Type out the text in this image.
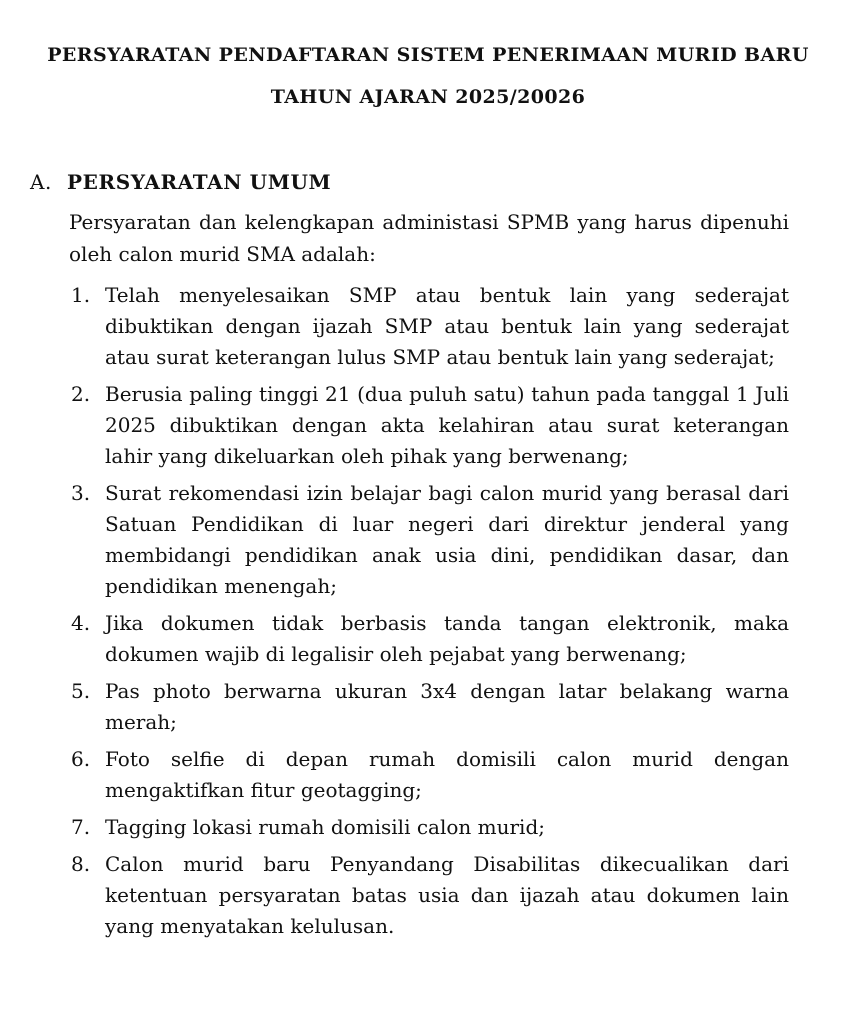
PERSYARATAN PENDAFTARAN SISTEM PENERIMAAN MURID BARU
TAHUN AJARAN 2025/20026
A. PERSYARATAN UMUM
Persyaratan dan kelengkapan administasi SPMB yang harus dipenuhi oleh calon murid SMA adalah:
1. Telah menyelesaikan SMP atau bentuk lain yang sederajat dibuktikan dengan ijazah SMP atau bentuk lain yang sederajat atau surat keterangan lulus SMP atau bentuk lain yang sederajat;
2. Berusia paling tinggi 21 (dua puluh satu) tahun pada tanggal 1 Juli 2025 dibuktikan dengan akta kelahiran atau surat keterangan lahir yang dikeluarkan oleh pihak yang berwenang;
3. Surat rekomendasi izin belajar bagi calon murid yang berasal dari Satuan Pendidikan di luar negeri dari direktur jenderal yang membidangi pendidikan anak usia dini, pendidikan dasar, dan pendidikan menengah;
4. Jika dokumen tidak berbasis tanda tangan elektronik, maka dokumen wajib di legalisir oleh pejabat yang berwenang;
5. Pas photo berwarna ukuran 3x4 dengan latar belakang warna merah;
6. Foto selfie di depan rumah domisili calon murid dengan mengaktifkan fitur geotagging;
7. Tagging lokasi rumah domisili calon murid;
8. Calon murid baru Penyandang Disabilitas dikecualikan dari ketentuan persyaratan batas usia dan ijazah atau dokumen lain yang menyatakan kelulusan.
